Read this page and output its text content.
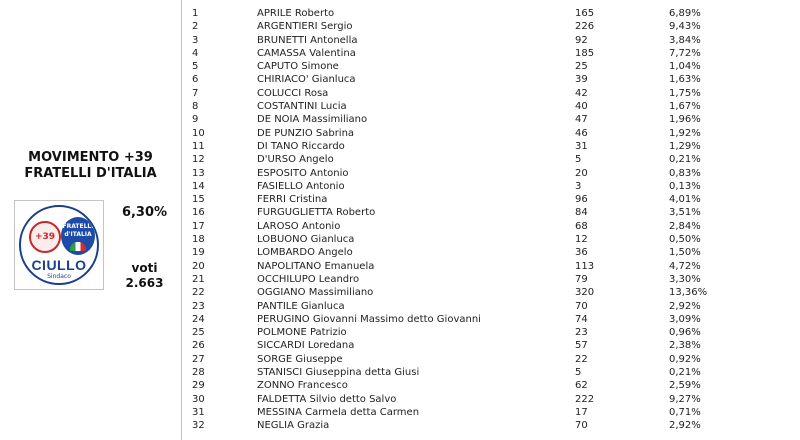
MOVIMENTO +39
FRATELLI D'ITALIA
+39
FRATELLI d'ITALIA
CIULLO
Sindaco
6,30%
voti
2.663
1	APRILE Roberto	165	6,89%
2	ARGENTIERI Sergio	226	9,43%
3	BRUNETTI Antonella	92	3,84%
4	CAMASSA Valentina	185	7,72%
5	CAPUTO Simone	25	1,04%
6	CHIRIACO' Gianluca	39	1,63%
7	COLUCCI Rosa	42	1,75%
8	COSTANTINI Lucia	40	1,67%
9	DE NOIA Massimiliano	47	1,96%
10	DE PUNZIO Sabrina	46	1,92%
11	DI TANO Riccardo	31	1,29%
12	D'URSO Angelo	5	0,21%
13	ESPOSITO Antonio	20	0,83%
14	FASIELLO Antonio	3	0,13%
15	FERRI Cristina	96	4,01%
16	FURGUGLIETTA Roberto	84	3,51%
17	LAROSO Antonio	68	2,84%
18	LOBUONO Gianluca	12	0,50%
19	LOMBARDO Angelo	36	1,50%
20	NAPOLITANO Emanuela	113	4,72%
21	OCCHILUPO Leandro	79	3,30%
22	OGGIANO Massimiliano	320	13,36%
23	PANTILE Gianluca	70	2,92%
24	PERUGINO Giovanni Massimo detto Giovanni	74	3,09%
25	POLMONE Patrizio	23	0,96%
26	SICCARDI Loredana	57	2,38%
27	SORGE Giuseppe	22	0,92%
28	STANISCI Giuseppina detta Giusi	5	0,21%
29	ZONNO Francesco	62	2,59%
30	FALDETTA Silvio detto Salvo	222	9,27%
31	MESSINA Carmela detta Carmen	17	0,71%
32	NEGLIA Grazia	70	2,92%
